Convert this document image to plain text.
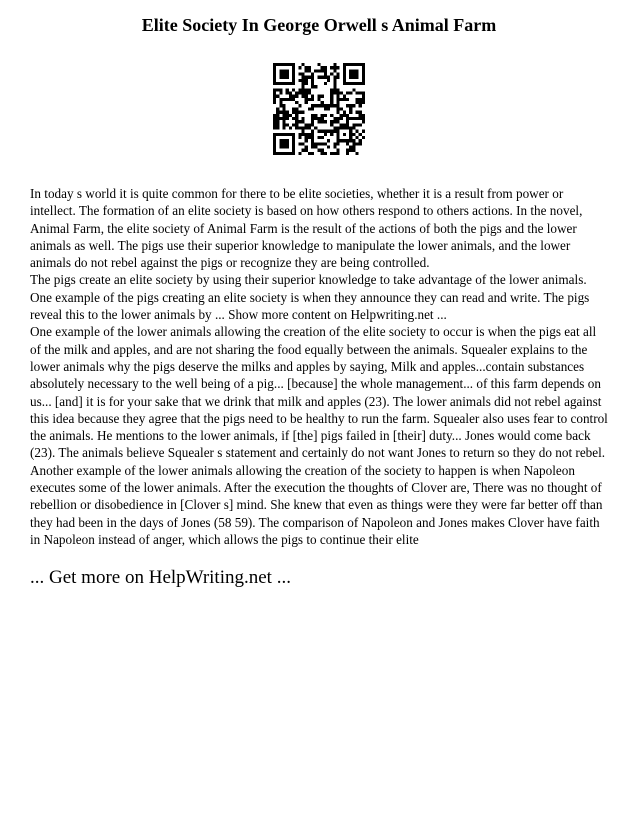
Elite Society In George Orwell s Animal Farm

In today s world it is quite common for there to be elite societies, whether it is a result from power or intellect. The formation of an elite society is based on how others respond to others actions. In the novel, Animal Farm, the elite society of Animal Farm is the result of the actions of both the pigs and the lower animals as well. The pigs use their superior knowledge to manipulate the lower animals, and the lower animals do not rebel against the pigs or recognize they are being controlled.

The pigs create an elite society by using their superior knowledge to take advantage of the lower animals. One example of the pigs creating an elite society is when they announce they can read and write. The pigs reveal this to the lower animals by ... Show more content on Helpwriting.net ...

One example of the lower animals allowing the creation of the elite society to occur is when the pigs eat all of the milk and apples, and are not sharing the food equally between the animals. Squealer explains to the lower animals why the pigs deserve the milks and apples by saying, Milk and apples...contain substances absolutely necessary to the well being of a pig... [because] the whole management... of this farm depends on us... [and] it is for your sake that we drink that milk and apples (23). The lower animals did not rebel against this idea because they agree that the pigs need to be healthy to run the farm. Squealer also uses fear to control the animals. He mentions to the lower animals, if [the] pigs failed in [their] duty... Jones would come back (23). The animals believe Squealer s statement and certainly do not want Jones to return so they do not rebel. Another example of the lower animals allowing the creation of the society to happen is when Napoleon executes some of the lower animals. After the execution the thoughts of Clover are, There was no thought of rebellion or disobedience in [Clover s] mind. She knew that even as things were they were far better off than they had been in the days of Jones (58 59). The comparison of Napoleon and Jones makes Clover have faith in Napoleon instead of anger, which allows the pigs to continue their elite

... Get more on HelpWriting.net ...
